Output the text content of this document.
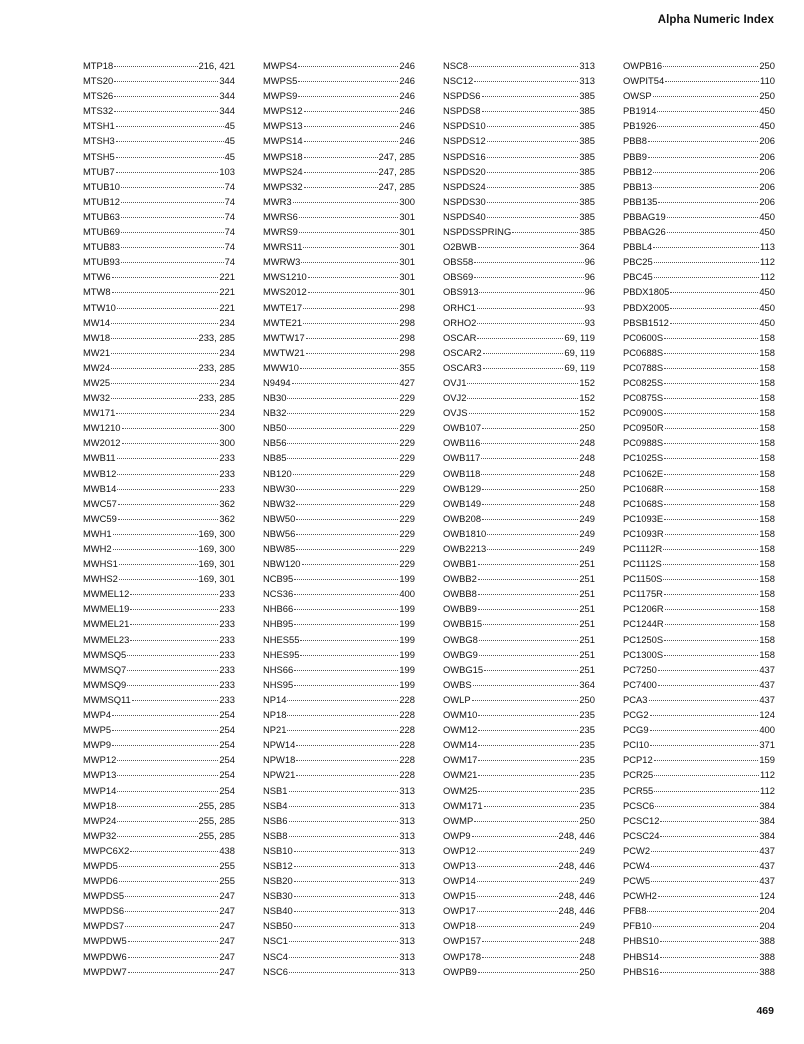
Alpha Numeric Index
MTP18	216, 421
MTS20	344
MTS26	344
MTS32	344
MTSH1	45
MTSH3	45
MTSH5	45
MTUB7	103
MTUB10	74
MTUB12	74
MTUB63	74
MTUB69	74
MTUB83	74
MTUB93	74
MTW6	221
MTW8	221
MTW10	221
MW14	234
MW18	233, 285
MW21	234
MW24	233, 285
MW25	234
MW32	233, 285
MW171	234
MW1210	300
MW2012	300
MWB11	233
MWB12	233
MWB14	233
MWC57	362
MWC59	362
MWH1	169, 300
MWH2	169, 300
MWHS1	169, 301
MWHS2	169, 301
MWMEL12	233
MWMEL19	233
MWMEL21	233
MWMEL23	233
MWMSQ5	233
MWMSQ7	233
MWMSQ9	233
MWMSQ11	233
MWP4	254
MWP5	254
MWP9	254
MWP12	254
MWP13	254
MWP14	254
MWP18	255, 285
MWP24	255, 285
MWP32	255, 285
MWPC6X2	438
MWPD5	255
MWPD6	255
MWPDS5	247
MWPDS6	247
MWPDS7	247
MWPDW5	247
MWPDW6	247
MWPDW7	247
MWPS4	246
MWPS5	246
MWPS9	246
MWPS12	246
MWPS13	246
MWPS14	246
MWPS18	247, 285
MWPS24	247, 285
MWPS32	247, 285
MWR3	300
MWRS6	301
MWRS9	301
MWRS11	301
MWRW3	301
MWS1210	301
MWS2012	301
MWTE17	298
MWTE21	298
MWTW17	298
MWTW21	298
MWW10	355
N9494	427
NB30	229
NB32	229
NB50	229
NB56	229
NB85	229
NB120	229
NBW30	229
NBW32	229
NBW50	229
NBW56	229
NBW85	229
NBW120	229
NCB95	199
NCS36	400
NHB66	199
NHB95	199
NHES55	199
NHES95	199
NHS66	199
NHS95	199
NP14	228
NP18	228
NP21	228
NPW14	228
NPW18	228
NPW21	228
NSB1	313
NSB4	313
NSB6	313
NSB8	313
NSB10	313
NSB12	313
NSB20	313
NSB30	313
NSB40	313
NSB50	313
NSC1	313
NSC4	313
NSC6	313
NSC8	313
NSC12	313
NSPDS6	385
NSPDS8	385
NSPDS10	385
NSPDS12	385
NSPDS16	385
NSPDS20	385
NSPDS24	385
NSPDS30	385
NSPDS40	385
NSPDSSPRING	385
O2BWB	364
OBS58	96
OBS69	96
OBS913	96
ORHC1	93
ORHO2	93
OSCAR	69, 119
OSCAR2	69, 119
OSCAR3	69, 119
OVJ1	152
OVJ2	152
OVJS	152
OWB107	250
OWB116	248
OWB117	248
OWB118	248
OWB129	250
OWB149	248
OWB208	249
OWB1810	249
OWB2213	249
OWBB1	251
OWBB2	251
OWBB8	251
OWBB9	251
OWBB15	251
OWBG8	251
OWBG9	251
OWBG15	251
OWBS	364
OWLP	250
OWM10	235
OWM12	235
OWM14	235
OWM17	235
OWM21	235
OWM25	235
OWM171	235
OWMP	250
OWP9	248, 446
OWP12	249
OWP13	248, 446
OWP14	249
OWP15	248, 446
OWP17	248, 446
OWP18	249
OWP157	248
OWP178	248
OWPB9	250
OWPB16	250
OWPIT54	110
OWSP	250
PB1914	450
PB1926	450
PBB8	206
PBB9	206
PBB12	206
PBB13	206
PBB135	206
PBBAG19	450
PBBAG26	450
PBBL4	113
PBC25	112
PBC45	112
PBDX1805	450
PBDX2005	450
PBSB1512	450
PC0600S	158
PC0688S	158
PC0788S	158
PC0825S	158
PC0875S	158
PC0900S	158
PC0950R	158
PC0988S	158
PC1025S	158
PC1062E	158
PC1068R	158
PC1068S	158
PC1093E	158
PC1093R	158
PC1112R	158
PC1112S	158
PC1150S	158
PC1175R	158
PC1206R	158
PC1244R	158
PC1250S	158
PC1300S	158
PC7250	437
PC7400	437
PCA3	437
PCG2	124
PCG9	400
PCI10	371
PCP12	159
PCR25	112
PCR55	112
PCSC6	384
PCSC12	384
PCSC24	384
PCW2	437
PCW4	437
PCW5	437
PCWH2	124
PFB8	204
PFB10	204
PHBS10	388
PHBS14	388
PHBS16	388
469
